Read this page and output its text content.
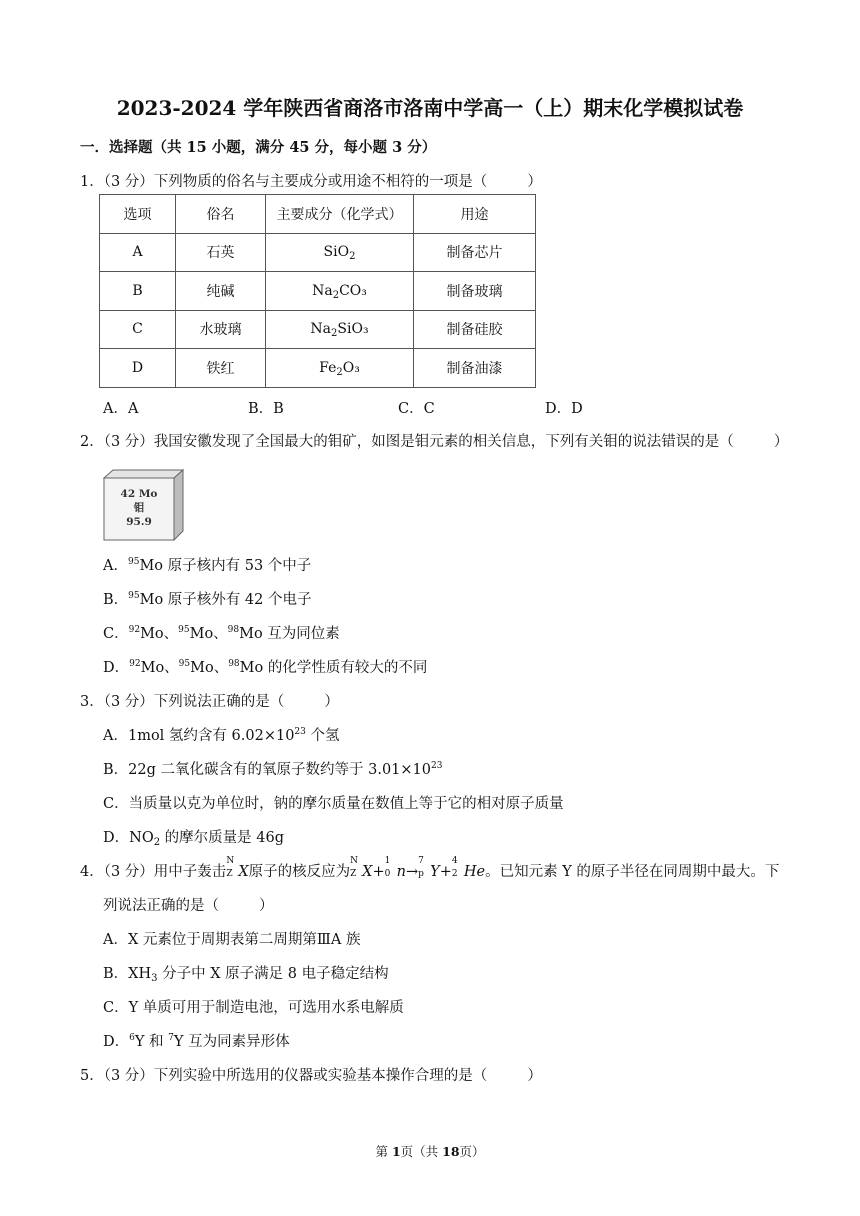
2023-2024 学年陕西省商洛市洛南中学高一（上）期末化学模拟试卷
一．选择题（共 15 小题，满分 45 分，每小题 3 分）
1．（3 分）下列物质的俗名与主要成分或用途不相符的一项是（	）
选项	俗名	主要成分（化学式）	用途
A	石英	SiO$_2$	制备芯片
B	纯碱	$Na_2CO_3$	制备玻璃
C	水玻璃	$Na_2SiO_3$	制备硅胶
D	铁红	$Fe_2O_3$	制备油漆
A．A	B．B	C．C	D．D
2．（3 分）我国安徽发现了全国最大的钼矿，如图是钼元素的相关信息，下列有关钼的说法错误的是（	）
42 Mo
钼
95.9
A．$^{95}$Mo 原子核内有 53 个中子
B．$^{95}$Mo 原子核外有 42 个电子
C．$^{92}$Mo、$^{95}$Mo、$^{98}$Mo 互为同位素
D．$^{92}$Mo、$^{95}$Mo、$^{98}$Mo 的化学性质有较大的不同
3．（3 分）下列说法正确的是（	）
A．1mol 氢约含有 $6.02\times 10^{23}$ 个氢
B．22g 二氧化碳含有的氧原子数约等于 $3.01\times 10^{23}$
C．当质量以克为单位时，钠的摩尔质量在数值上等于它的相对原子质量
D．$NO_2$ 的摩尔质量是 46g
4．（3 分）用中子轰击
N
Z X原子的核反应为
N
Z X+
1
0 n→
7
p Y+
4
2 He。已知元素 Y 的原子半径在同周期中最大。下
列说法正确的是（	）
A．X 元素位于周期表第二周期第ⅢA 族
B．$XH_3$ 分子中 X 原子满足 8 电子稳定结构
C．Y 单质可用于制造电池，可选用水系电解质
D．$^6$Y 和 $^7$Y 互为同素异形体
5．（3 分）下列实验中所选用的仪器或实验基本操作合理的是（	）
第 1页（共 18页）
